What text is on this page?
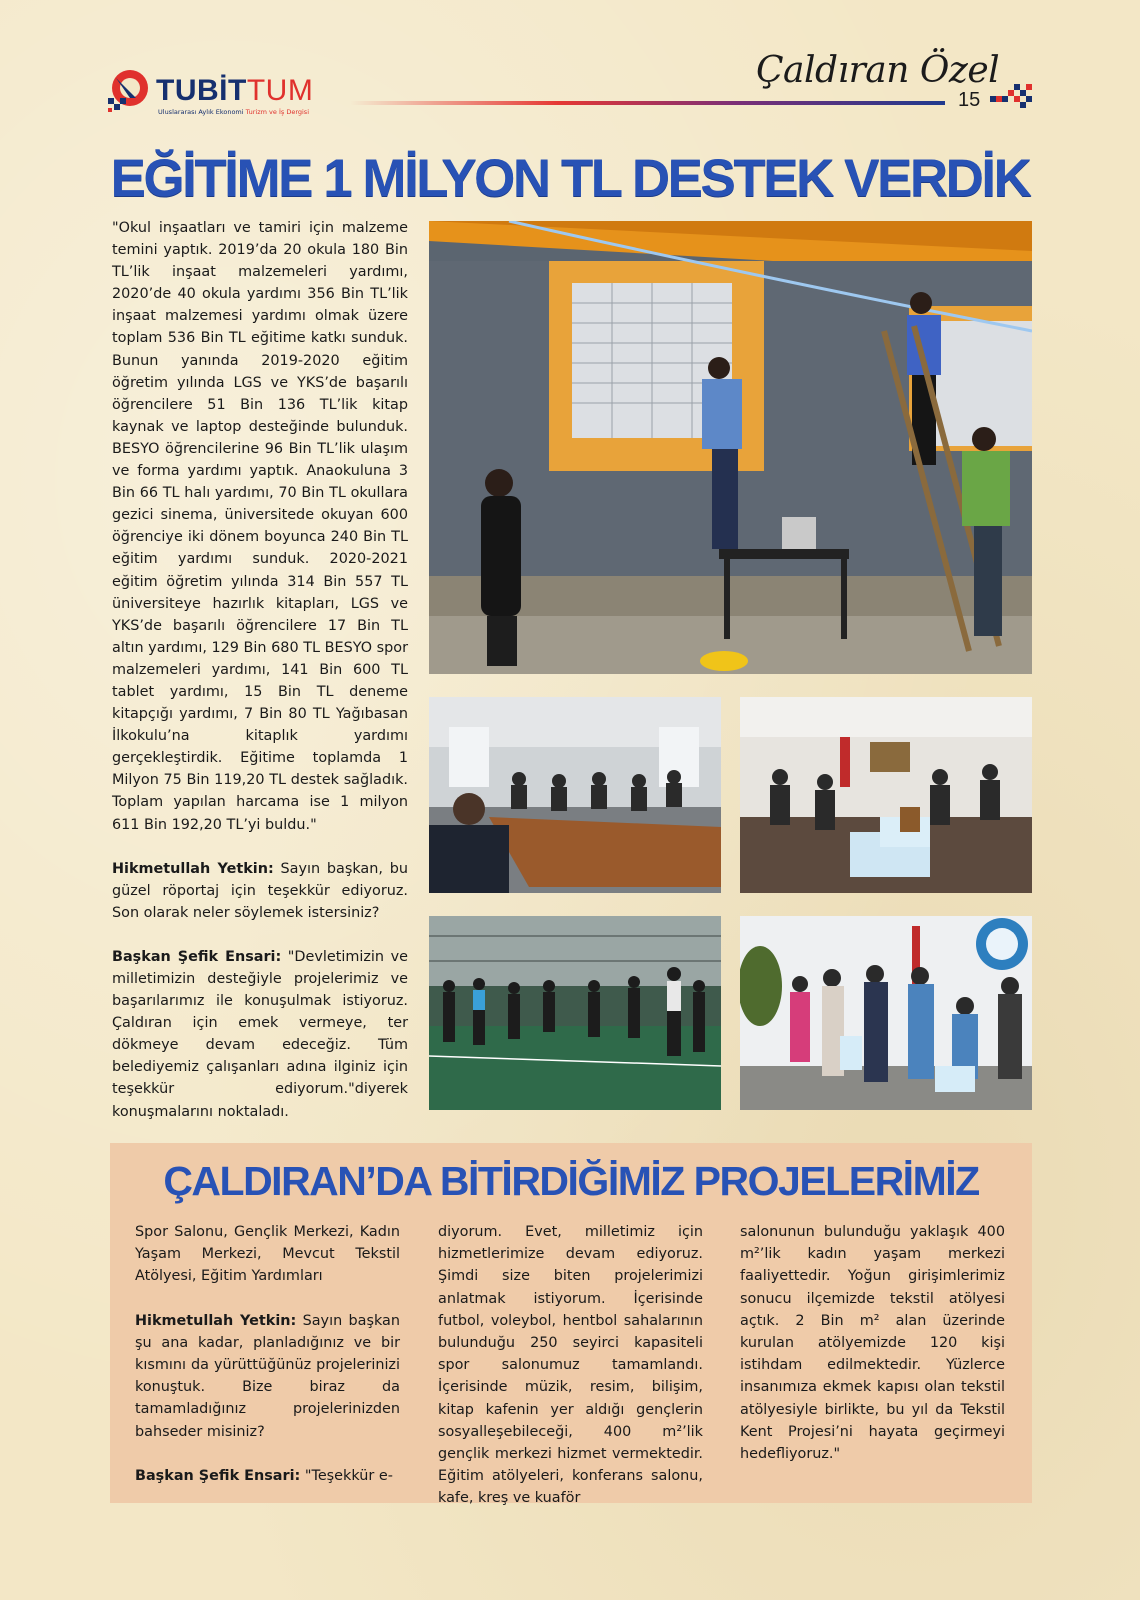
TUBİTTUM
Uluslararası Aylık Ekonomi Turizm ve İş Dergisi
Çaldıran Özel
15
EĞİTİME 1 MİLYON TL DESTEK VERDİK

"Okul inşaatları ve tamiri için malzeme temini yaptık. 2019’da 20 okula 180 Bin TL’lik inşaat malzemeleri yardımı, 2020’de 40 okula yardımı 356 Bin TL’lik inşaat malzemesi yardımı olmak üzere toplam 536 Bin TL eğitime katkı sunduk. Bunun yanında 2019-2020 eğitim öğretim yılında LGS ve YKS’de başarılı öğrencilere 51 Bin 136 TL’lik kitap kaynak ve laptop desteğinde bulunduk. BESYO öğrencilerine 96 Bin TL’lik ulaşım ve forma yardımı yaptık. Anaokuluna 3 Bin 66 TL halı yardımı, 70 Bin TL okullara gezici sinema, üniversitede okuyan 600 öğrenciye iki dönem boyunca 240 Bin TL eğitim yardımı sunduk. 2020-2021 eğitim öğretim yılında 314 Bin 557 TL üniversiteye hazırlık kitapları, LGS ve YKS’de başarılı öğrencilere 17 Bin TL altın yardımı, 129 Bin 680 TL BESYO spor malzemeleri yardımı, 141 Bin 600 TL tablet yardımı, 15 Bin TL deneme kitapçığı yardımı, 7 Bin 80 TL Yağıbasan İlkokulu’na kitaplık yardımı gerçekleştirdik. Eğitime toplamda 1 Milyon 75 Bin 119,20 TL destek sağladık. Toplam yapılan harcama ise 1 milyon 611 Bin 192,20 TL’yi buldu."

Hikmetullah Yetkin: Sayın başkan, bu güzel röportaj için teşekkür ediyoruz. Son olarak neler söylemek istersiniz?

Başkan Şefik Ensari: "Devletimizin ve milletimizin desteğiyle projelerimiz ve başarılarımız ile konuşulmak istiyoruz. Çaldıran için emek vermeye, ter dökmeye devam edeceğiz. Tüm belediyemiz çalışanları adına ilginiz için teşekkür ediyorum."diyerek konuşmalarını noktaladı.

ÇALDIRAN’DA BİTİRDİĞİMİZ PROJELERİMİZ

Spor Salonu, Gençlik Merkezi, Kadın Yaşam Merkezi, Mevcut Tekstil Atölyesi, Eğitim Yardımları

Hikmetullah Yetkin: Sayın başkan şu ana kadar, planladığınız ve bir kısmını da yürüttüğünüz projelerinizi konuştuk. Bize biraz da tamamladığınız projelerinizden bahseder misiniz?

Başkan Şefik Ensari: "Teşekkür e-

diyorum. Evet, milletimiz için hizmetlerimize devam ediyoruz. Şimdi size biten projelerimizi anlatmak istiyorum. İçerisinde futbol, voleybol, hentbol sahalarının bulunduğu 250 seyirci kapasiteli spor salonumuz tamamlandı. İçerisinde müzik, resim, bilişim, kitap kafenin yer aldığı gençlerin sosyalleşebileceği, 400 m²’lik gençlik merkezi hizmet vermektedir. Eğitim atölyeleri, konferans salonu, kafe, kreş ve kuaför

salonunun bulunduğu yaklaşık 400 m²’lik kadın yaşam merkezi faaliyettedir. Yoğun girişimlerimiz sonucu ilçemizde tekstil atölyesi açtık. 2 Bin m² alan üzerinde kurulan atölyemizde 120 kişi istihdam edilmektedir. Yüzlerce insanımıza ekmek kapısı olan tekstil atölyesiyle birlikte, bu yıl da Tekstil Kent Projesi’ni hayata geçirmeyi hedefliyoruz."
